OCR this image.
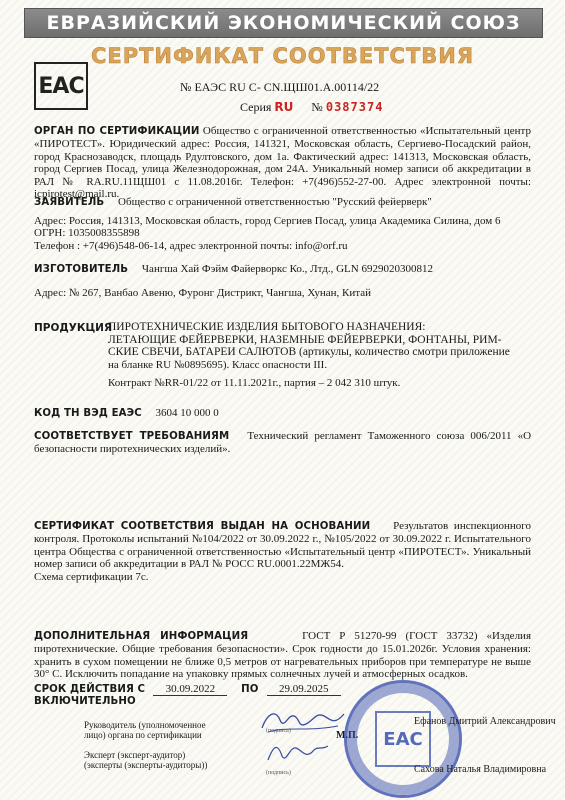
ЕВРАЗИЙСКИЙ ЭКОНОМИЧЕСКИЙ СОЮЗ
СЕРТИФИКАТ СООТВЕТСТВИЯ
EAC	№ ЕАЭС RU С- CN.ЩШ01.А.00114/22
Серия RU № 0387374
ОРГАН ПО СЕРТИФИКАЦИИ Общество с ограниченной ответственностью «Испытательный центр «ПИРОТЕСТ». Юридический адрес: Россия, 141321, Московская область, Сергиево-Посадский район, город Краснозаводск, площадь Рдултовского, дом 1а. Фактический адрес: 141313, Московская область, город Сергиев Посад, улица Железнодорожная, дом 24А. Уникальный номер записи об аккредитации в РАЛ № RA.RU.11ЩШ01 с 11.08.2016г. Телефон: +7(496)552-27-00. Адрес электронной почты: icpirotest@mail.ru.
ЗАЯВИТЕЛЬ Общество с ограниченной ответственностью "Русский фейерверк"
Адрес: Россия, 141313, Московская область, город Сергиев Посад, улица Академика Силина, дом 6
ОГРН: 1035008355898
Телефон : +7(496)548-06-14, адрес электронной почты: info@orf.ru
ИЗГОТОВИТЕЛЬ Чангша Хай Фэйм Файерворкс Ко., Лтд., GLN 6929020300812
Адрес: № 267, Ванбао Авеню, Фуронг Дистрикт, Чангша, Хунан, Китай
ПРОДУКЦИЯ
ПИРОТЕХНИЧЕСКИЕ ИЗДЕЛИЯ БЫТОВОГО НАЗНАЧЕНИЯ:
ЛЕТАЮЩИЕ ФЕЙЕРВЕРКИ, НАЗЕМНЫЕ ФЕЙЕРВЕРКИ, ФОНТАНЫ, РИМ-
СКИЕ СВЕЧИ, БАТАРЕИ САЛЮТОВ (артикулы, количество смотри приложение
на бланке RU №0895695). Класс опасности III.
Контракт №RR-01/22 от 11.11.2021г., партия – 2 042 310 штук.
КОД ТН ВЭД ЕАЭС 3604 10 000 0
СООТВЕТСТВУЕТ ТРЕБОВАНИЯМ Технический регламент Таможенного союза 006/2011 «О безопасности пиротехнических изделий».
СЕРТИФИКАТ СООТВЕТСТВИЯ ВЫДАН НА ОСНОВАНИИ Результатов инспекционного контроля. Протоколы испытаний №104/2022 от 30.09.2022 г., №105/2022 от 30.09.2022 г. Испытательного центра Общества с ограниченной ответственностью «Испытательный центр «ПИРОТЕСТ». Уникальный номер записи об аккредитации в РАЛ № РОСС RU.0001.22МЖ54.
Схема сертификации 7с.
ДОПОЛНИТЕЛЬНАЯ ИНФОРМАЦИЯ	ГОСТ Р 51270-99 (ГОСТ 33732) «Изделия пиротехнические. Общие требования безопасности». Срок годности до 15.01.2026г. Условия хранения: хранить в сухом помещении не ближе 0,5 метров от нагревательных приборов при температуре не выше 30° С. Исключить попадание на упаковку прямых солнечных лучей и атмосферных осадков.
СРОК ДЕЙСТВИЯ С 30.09.2022	ПО 29.09.2025
ВКЛЮЧИТЕЛЬНО
Руководитель (уполномоченное
лицо) органа по сертификации
Эксперт (эксперт-аудитор)
(эксперты (эксперты-аудиторы))
(подпись)
(подпись)
М.П. EAC
Ефанов Дмитрий Александрович
Сахова Наталья Владимировна
